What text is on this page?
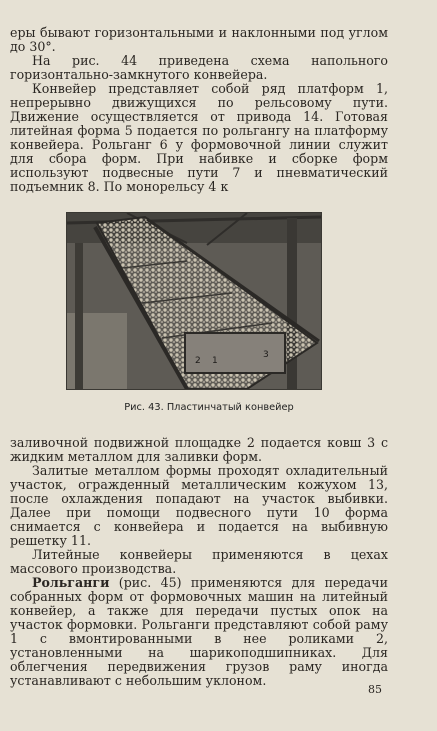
еры бывают горизонтальными и наклонными под углом до 30°.

На рис. 44 приведена схема напольного горизонтально-замкнутого конвейера.

Конвейер представляет собой ряд платформ 1, непрерывно движущихся по рельсовому пути. Движение осуществляется от привода 14. Готовая литейная форма 5 подается по рольгангу на платформу конвейера. Рольганг 6 у формовочной линии служит для сбора форм. При набивке и сборке форм используют подвесные пути 7 и пневматический подъемник 8. По монорельсу 4 к

2 1
3
Рис. 43. Пластинчатый конвейер

заливочной подвижной площадке 2 подается ковш 3 с жидким металлом для заливки форм.

Залитые металлом формы проходят охладительный участок, огражденный металлическим кожухом 13, после охлаждения попадают на участок выбивки. Далее при помощи подвесного пути 10 форма снимается с конвейера и подается на выбивную решетку 11.

Литейные конвейеры применяются в цехах массового производства.

Рольганги (рис. 45) применяются для передачи собранных форм от формовочных машин на литейный конвейер, а также для передачи пустых опок на участок формовки. Рольганги представляют собой раму 1 с вмонтированными в нее роликами 2, установленными на шарикоподшипниках. Для облегчения передвижения грузов раму иногда устанавливают с небольшим уклоном.

85
